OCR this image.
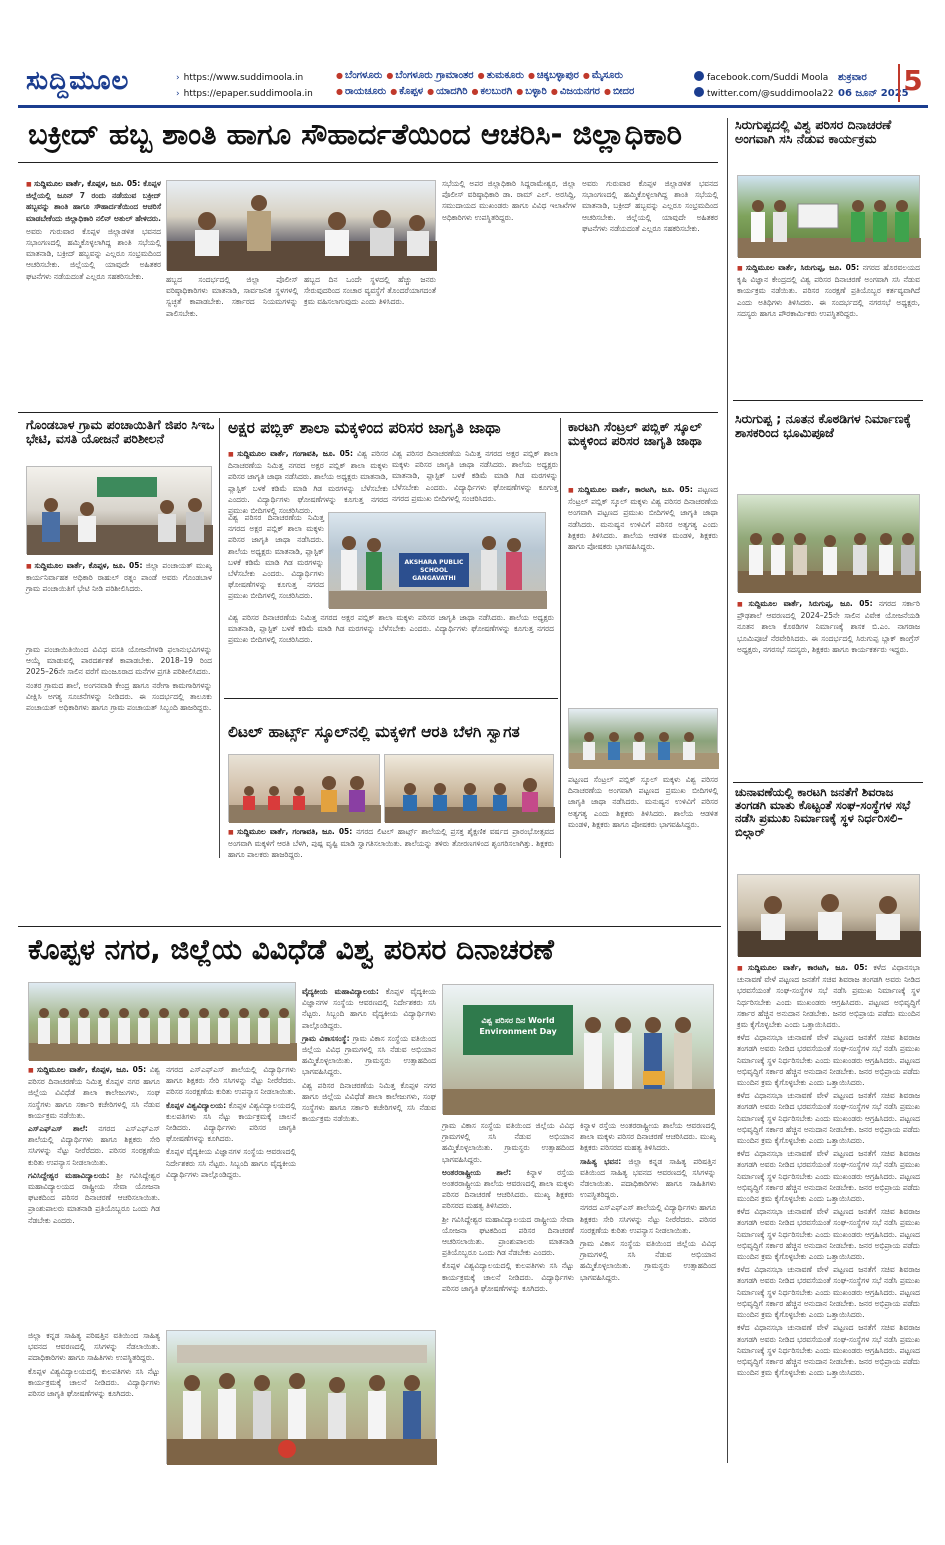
ಸುದ್ದಿಮೂಲ	› https://www.suddimoola.in
› https://epaper.suddimoola.in
● ಬೆಂಗಳೂರು ● ಬೆಂಗಳೂರು ಗ್ರಾಮಾಂತರ ● ತುಮಕೂರು ● ಚಿಕ್ಕಬಳ್ಳಾಪುರ ● ಮೈಸೂರು
● ರಾಯಚೂರು ● ಕೊಪ್ಪಳ ● ಯಾದಗಿರಿ ● ಕಲಬುರಗಿ ● ಬಳ್ಳಾರಿ ● ವಿಜಯನಗರ ● ಬೀದರ
facebook.com/Suddi Moola
twitter.com/@suddimoola22
ಶುಕ್ರವಾರ
06 ಜೂನ್ 2025
5
ಬಕ್ರೀದ್ ಹಬ್ಬ ಶಾಂತಿ ಹಾಗೂ ಸೌಹಾರ್ದತೆಯಿಂದ ಆಚರಿಸಿ- ಜಿಲ್ಲಾಧಿಕಾರಿ

■ ಸುದ್ದಿಮೂಲ ವಾರ್ತೆ, ಕೊಪ್ಪಳ, ಜೂ. 05: ಕೊಪ್ಪಳ ಜಿಲ್ಲೆಯಲ್ಲಿ ಜೂನ್ 7 ರಂದು ನಡೆಯುವ ಬಕ್ರೀದ್ ಹಬ್ಬವನ್ನು ಶಾಂತಿ ಹಾಗೂ ಸೌಹಾರ್ದತೆಯಿಂದ ಆಚರಿಸೆ ಮಾಡಬೇಕೆಂದು ಜಿಲ್ಲಾಧಿಕಾರಿ ನಲಿನ್ ಅತುಲ್ ಹೇಳಿದರು.

ಅವರು ಗುರುವಾರ ಕೊಪ್ಪಳ ಜಿಲ್ಲಾಡಳಿತ ಭವನದ ಸಭಾಂಗಣದಲ್ಲಿ ಹಮ್ಮಿಕೊಳ್ಳಲಾಗಿದ್ದ ಶಾಂತಿ ಸಭೆಯಲ್ಲಿ ಮಾತನಾಡಿ, ಬಕ್ರೀದ್ ಹಬ್ಬವನ್ನು ಎಲ್ಲರೂ ಸಂಭ್ರಮದಿಂದ ಆಚರಿಸಬೇಕು. ಜಿಲ್ಲೆಯಲ್ಲಿ ಯಾವುದೇ ಅಹಿತಕರ ಘಟನೆಗಳು ನಡೆಯದಂತೆ ಎಲ್ಲರೂ ಸಹಕರಿಸಬೇಕು.	ಹಬ್ಬದ ಸಂದರ್ಭದಲ್ಲಿ ಜಿಲ್ಲಾ ಪೊಲೀಸ್ ವರಿಷ್ಠಾಧಿಕಾರಿಗಳು ಮಾತನಾಡಿ, ಸಾರ್ವಜನಿಕ ಸ್ಥಳಗಳಲ್ಲಿ ಸ್ವಚ್ಛತೆ ಕಾಪಾಡಬೇಕು. ಸರ್ಕಾರದ ನಿಯಮಗಳನ್ನು ಪಾಲಿಸಬೇಕು.

ಹಬ್ಬದ ದಿನ ಒಂದೇ ಸ್ಥಳದಲ್ಲಿ ಹೆಚ್ಚು ಜನರು ಸೇರುವುದರಿಂದ ಸಂಚಾರ ವ್ಯವಸ್ಥೆಗೆ ತೊಂದರೆಯಾಗದಂತೆ ಕ್ರಮ ವಹಿಸಲಾಗುವುದು ಎಂದು ತಿಳಿಸಿದರು.

ಸಭೆಯಲ್ಲಿ ಅಪರ ಜಿಲ್ಲಾಧಿಕಾರಿ ಸಿದ್ದರಾಮೇಶ್ವರ, ಜಿಲ್ಲಾ ಪೊಲೀಸ್ ವರಿಷ್ಠಾಧಿಕಾರಿ ಡಾ. ರಾಮ್ ಎಲ್. ಅರಸಿದ್ದಿ, ಸಮುದಾಯದ ಮುಖಂಡರು ಹಾಗೂ ವಿವಿಧ ಇಲಾಖೆಗಳ ಅಧಿಕಾರಿಗಳು ಉಪಸ್ಥಿತರಿದ್ದರು.

ಅವರು ಗುರುವಾರ ಕೊಪ್ಪಳ ಜಿಲ್ಲಾಡಳಿತ ಭವನದ ಸಭಾಂಗಣದಲ್ಲಿ ಹಮ್ಮಿಕೊಳ್ಳಲಾಗಿದ್ದ ಶಾಂತಿ ಸಭೆಯಲ್ಲಿ ಮಾತನಾಡಿ, ಬಕ್ರೀದ್ ಹಬ್ಬವನ್ನು ಎಲ್ಲರೂ ಸಂಭ್ರಮದಿಂದ ಆಚರಿಸಬೇಕು. ಜಿಲ್ಲೆಯಲ್ಲಿ ಯಾವುದೇ ಅಹಿತಕರ ಘಟನೆಗಳು ನಡೆಯದಂತೆ ಎಲ್ಲರೂ ಸಹಕರಿಸಬೇಕು.

ಸಿರುಗುಪ್ಪದಲ್ಲಿ ವಿಶ್ವ ಪರಿಸರ ದಿನಾಚರಣೆ ಅಂಗವಾಗಿ ಸಸಿ ನೆಡುವ ಕಾರ್ಯಕ್ರಮ

■ ಸುದ್ದಿಮೂಲ ವಾರ್ತೆ, ಸಿರುಗುಪ್ಪ, ಜೂ. 05: ನಗರದ ಹೊರವಲಯದ ಕೃಷಿ ವಿಜ್ಞಾನ ಕೇಂದ್ರದಲ್ಲಿ ವಿಶ್ವ ಪರಿಸರ ದಿನಾಚರಣೆ ಅಂಗವಾಗಿ ಸಸಿ ನೆಡುವ ಕಾರ್ಯಕ್ರಮ ನಡೆಯಿತು. ಪರಿಸರ ಸಂರಕ್ಷಣೆ ಪ್ರತಿಯೊಬ್ಬರ ಕರ್ತವ್ಯವಾಗಿದೆ ಎಂದು ಅತಿಥಿಗಳು ತಿಳಿಸಿದರು. ಈ ಸಂದರ್ಭದಲ್ಲಿ ನಗರಸಭೆ ಅಧ್ಯಕ್ಷರು, ಸದಸ್ಯರು ಹಾಗೂ ಪೌರಕಾರ್ಮಿಕರು ಉಪಸ್ಥಿತರಿದ್ದರು.

ಗೊಂಡಬಾಳ ಗ್ರಾಮ ಪಂಚಾಯಿತಿಗೆ ಜಿಪಂ ಸಿಇಒ ಭೇಟಿ, ವಸತಿ ಯೋಜನೆ ಪರಿಶೀಲನೆ

■ ಸುದ್ದಿಮೂಲ ವಾರ್ತೆ, ಕೊಪ್ಪಳ, ಜೂ. 05: ಜಿಲ್ಲಾ ಪಂಚಾಯತ್ ಮುಖ್ಯ ಕಾರ್ಯನಿರ್ವಾಹಕ ಅಧಿಕಾರಿ ರಾಹುಲ್ ರತ್ನಂ ಪಾಂಡೆ ಅವರು ಗೊಂಡಬಾಳ ಗ್ರಾಮ ಪಂಚಾಯಿತಿಗೆ ಭೇಟಿ ನೀಡಿ ಪರಿಶೀಲಿಸಿದರು.

ಗ್ರಾಮ ಪಂಚಾಯಿತಿಯಿಂದ ವಿವಿಧ ವಸತಿ ಯೋಜನೆಗಳಡಿ ಫಲಾನುಭವಿಗಳನ್ನು ಆಯ್ಕೆ ಮಾಡುವಲ್ಲಿ ಪಾರದರ್ಶಕತೆ ಕಾಪಾಡಬೇಕು. 2018–19 ರಿಂದ 2025–26ನೇ ಸಾಲಿನ ವರೆಗೆ ಮಂಜೂರಾದ ಮನೆಗಳ ಪ್ರಗತಿ ಪರಿಶೀಲಿಸಿದರು.

ನಂತರ ಗ್ರಾಮದ ಶಾಲೆ, ಅಂಗನವಾಡಿ ಕೇಂದ್ರ ಹಾಗೂ ನರೇಗಾ ಕಾಮಗಾರಿಗಳನ್ನು ವೀಕ್ಷಿಸಿ ಅಗತ್ಯ ಸೂಚನೆಗಳನ್ನು ನೀಡಿದರು. ಈ ಸಂದರ್ಭದಲ್ಲಿ ತಾಲೂಕು ಪಂಚಾಯತ್ ಅಧಿಕಾರಿಗಳು ಹಾಗೂ ಗ್ರಾಮ ಪಂಚಾಯತ್ ಸಿಬ್ಬಂದಿ ಹಾಜರಿದ್ದರು.

ಅಕ್ಷರ ಪಬ್ಲಿಕ್ ಶಾಲಾ ಮಕ್ಕಳಿಂದ ಪರಿಸರ ಜಾಗೃತಿ ಜಾಥಾ

■ ಸುದ್ದಿಮೂಲ ವಾರ್ತೆ, ಗಂಗಾವತಿ, ಜೂ. 05: ವಿಶ್ವ ಪರಿಸರ ದಿನಾಚರಣೆಯ ನಿಮಿತ್ತ ನಗರದ ಅಕ್ಷರ ಪಬ್ಲಿಕ್ ಶಾಲಾ ಮಕ್ಕಳು ಪರಿಸರ ಜಾಗೃತಿ ಜಾಥಾ ನಡೆಸಿದರು. ಶಾಲೆಯ ಅಧ್ಯಕ್ಷರು ಮಾತನಾಡಿ, ಪ್ಲಾಸ್ಟಿಕ್ ಬಳಕೆ ಕಡಿಮೆ ಮಾಡಿ ಗಿಡ ಮರಗಳನ್ನು ಬೆಳೆಸಬೇಕು ಎಂದರು. ವಿದ್ಯಾರ್ಥಿಗಳು ಘೋಷಣೆಗಳನ್ನು ಕೂಗುತ್ತ ನಗರದ ಪ್ರಮುಖ ಬೀದಿಗಳಲ್ಲಿ ಸಂಚರಿಸಿದರು.

ವಿಶ್ವ ಪರಿಸರ ದಿನಾಚರಣೆಯ ನಿಮಿತ್ತ ನಗರದ ಅಕ್ಷರ ಪಬ್ಲಿಕ್ ಶಾಲಾ ಮಕ್ಕಳು ಪರಿಸರ ಜಾಗೃತಿ ಜಾಥಾ ನಡೆಸಿದರು. ಶಾಲೆಯ ಅಧ್ಯಕ್ಷರು ಮಾತನಾಡಿ, ಪ್ಲಾಸ್ಟಿಕ್ ಬಳಕೆ ಕಡಿಮೆ ಮಾಡಿ ಗಿಡ ಮರಗಳನ್ನು ಬೆಳೆಸಬೇಕು ಎಂದರು. ವಿದ್ಯಾರ್ಥಿಗಳು ಘೋಷಣೆಗಳನ್ನು ಕೂಗುತ್ತ ನಗರದ ಪ್ರಮುಖ ಬೀದಿಗಳಲ್ಲಿ ಸಂಚರಿಸಿದರು.

AKSHARA PUBLIC SCHOOL GANGAVATHI

ವಿಶ್ವ ಪರಿಸರ ದಿನಾಚರಣೆಯ ನಿಮಿತ್ತ ನಗರದ ಅಕ್ಷರ ಪಬ್ಲಿಕ್ ಶಾಲಾ ಮಕ್ಕಳು ಪರಿಸರ ಜಾಗೃತಿ ಜಾಥಾ ನಡೆಸಿದರು. ಶಾಲೆಯ ಅಧ್ಯಕ್ಷರು ಮಾತನಾಡಿ, ಪ್ಲಾಸ್ಟಿಕ್ ಬಳಕೆ ಕಡಿಮೆ ಮಾಡಿ ಗಿಡ ಮರಗಳನ್ನು ಬೆಳೆಸಬೇಕು ಎಂದರು. ವಿದ್ಯಾರ್ಥಿಗಳು ಘೋಷಣೆಗಳನ್ನು ಕೂಗುತ್ತ ನಗರದ ಪ್ರಮುಖ ಬೀದಿಗಳಲ್ಲಿ ಸಂಚರಿಸಿದರು.

ವಿಶ್ವ ಪರಿಸರ ದಿನಾಚರಣೆಯ ನಿಮಿತ್ತ ನಗರದ ಅಕ್ಷರ ಪಬ್ಲಿಕ್ ಶಾಲಾ ಮಕ್ಕಳು ಪರಿಸರ ಜಾಗೃತಿ ಜಾಥಾ ನಡೆಸಿದರು. ಶಾಲೆಯ ಅಧ್ಯಕ್ಷರು ಮಾತನಾಡಿ, ಪ್ಲಾಸ್ಟಿಕ್ ಬಳಕೆ ಕಡಿಮೆ ಮಾಡಿ ಗಿಡ ಮರಗಳನ್ನು ಬೆಳೆಸಬೇಕು ಎಂದರು. ವಿದ್ಯಾರ್ಥಿಗಳು ಘೋಷಣೆಗಳನ್ನು ಕೂಗುತ್ತ ನಗರದ ಪ್ರಮುಖ ಬೀದಿಗಳಲ್ಲಿ ಸಂಚರಿಸಿದರು.

ಕಾರಟಗಿ ಸೆಂಟ್ರಲ್ ಪಬ್ಲಿಕ್ ಸ್ಕೂಲ್ ಮಕ್ಕಳಿಂದ ಪರಿಸರ ಜಾಗೃತಿ ಜಾಥಾ

■ ಸುದ್ದಿಮೂಲ ವಾರ್ತೆ, ಕಾರಟಗಿ, ಜೂ. 05: ಪಟ್ಟಣದ ಸೆಂಟ್ರಲ್ ಪಬ್ಲಿಕ್ ಸ್ಕೂಲ್ ಮಕ್ಕಳು ವಿಶ್ವ ಪರಿಸರ ದಿನಾಚರಣೆಯ ಅಂಗವಾಗಿ ಪಟ್ಟಣದ ಪ್ರಮುಖ ಬೀದಿಗಳಲ್ಲಿ ಜಾಗೃತಿ ಜಾಥಾ ನಡೆಸಿದರು. ಮನುಷ್ಯನ ಉಳಿವಿಗೆ ಪರಿಸರ ಅತ್ಯಗತ್ಯ ಎಂದು ಶಿಕ್ಷಕರು ತಿಳಿಸಿದರು. ಶಾಲೆಯ ಆಡಳಿತ ಮಂಡಳಿ, ಶಿಕ್ಷಕರು ಹಾಗೂ ಪೋಷಕರು ಭಾಗವಹಿಸಿದ್ದರು.

ಪಟ್ಟಣದ ಸೆಂಟ್ರಲ್ ಪಬ್ಲಿಕ್ ಸ್ಕೂಲ್ ಮಕ್ಕಳು ವಿಶ್ವ ಪರಿಸರ ದಿನಾಚರಣೆಯ ಅಂಗವಾಗಿ ಪಟ್ಟಣದ ಪ್ರಮುಖ ಬೀದಿಗಳಲ್ಲಿ ಜಾಗೃತಿ ಜಾಥಾ ನಡೆಸಿದರು. ಮನುಷ್ಯನ ಉಳಿವಿಗೆ ಪರಿಸರ ಅತ್ಯಗತ್ಯ ಎಂದು ಶಿಕ್ಷಕರು ತಿಳಿಸಿದರು. ಶಾಲೆಯ ಆಡಳಿತ ಮಂಡಳಿ, ಶಿಕ್ಷಕರು ಹಾಗೂ ಪೋಷಕರು ಭಾಗವಹಿಸಿದ್ದರು.

ಲಿಟಲ್ ಹಾರ್ಟ್ಸ್ ಸ್ಕೂಲ್‌ನಲ್ಲಿ ಮಕ್ಕಳಿಗೆ ಆರತಿ ಬೆಳಗಿ ಸ್ವಾಗತ

■ ಸುದ್ದಿಮೂಲ ವಾರ್ತೆ, ಗಂಗಾವತಿ, ಜೂ. 05: ನಗರದ ಲಿಟಲ್ ಹಾರ್ಟ್ಸ್ ಶಾಲೆಯಲ್ಲಿ ಪ್ರಸಕ್ತ ಶೈಕ್ಷಣಿಕ ವರ್ಷದ ಪ್ರಾರಂಭೋತ್ಸವದ ಅಂಗವಾಗಿ ಮಕ್ಕಳಿಗೆ ಆರತಿ ಬೆಳಗಿ, ಪುಷ್ಪ ವೃಷ್ಟಿ ಮಾಡಿ ಸ್ವಾಗತಿಸಲಾಯಿತು. ಶಾಲೆಯನ್ನು ತಳಿರು ತೋರಣಗಳಿಂದ ಶೃಂಗರಿಸಲಾಗಿತ್ತು. ಶಿಕ್ಷಕರು ಹಾಗೂ ಪಾಲಕರು ಹಾಜರಿದ್ದರು.

ಸಿರುಗುಪ್ಪ ; ನೂತನ ಕೊಠಡಿಗಳ ನಿರ್ಮಾಣಕ್ಕೆ ಶಾಸಕರಿಂದ ಭೂಮಿಪೂಜೆ

■ ಸುದ್ದಿಮೂಲ ವಾರ್ತೆ, ಸಿರುಗುಪ್ಪ, ಜೂ. 05: ನಗರದ ಸರ್ಕಾರಿ ಪ್ರೌಢಶಾಲೆ ಆವರಣದಲ್ಲಿ 2024–25ನೇ ಸಾಲಿನ ವಿವೇಕ ಯೋಜನೆಯಡಿ ನೂತನ ಶಾಲಾ ಕೊಠಡಿಗಳ ನಿರ್ಮಾಣಕ್ಕೆ ಶಾಸಕ ಬಿ.ಎಂ. ನಾಗರಾಜ ಭೂಮಿಪೂಜೆ ನೆರವೇರಿಸಿದರು. ಈ ಸಂದರ್ಭದಲ್ಲಿ ಸಿರುಗುಪ್ಪ ಬ್ಲಾಕ್ ಕಾಂಗ್ರೆಸ್ ಅಧ್ಯಕ್ಷರು, ನಗರಸಭೆ ಸದಸ್ಯರು, ಶಿಕ್ಷಕರು ಹಾಗೂ ಕಾರ್ಯಕರ್ತರು ಇದ್ದರು.

ಚುನಾವಣೆಯಲ್ಲಿ ಕಾರಟಗಿ ಜನತೆಗೆ ಶಿವರಾಜ ತಂಗಡಗಿ ಮಾತು ಕೊಟ್ಟಂತೆ ಸಂಘ-ಸಂಸ್ಥೆಗಳ ಸಭೆ ನಡೆಸಿ ಪ್ರಮುಖ ನಿರ್ಮಾಣಕ್ಕೆ ಸ್ಥಳ ನಿರ್ಧರಿಸಲಿ–ಬಿಲ್ಗಾರ್

■ ಸುದ್ದಿಮೂಲ ವಾರ್ತೆ, ಕಾರಟಗಿ, ಜೂ. 05: ಕಳೆದ ವಿಧಾನಸಭಾ ಚುನಾವಣೆ ವೇಳೆ ಪಟ್ಟಣದ ಜನತೆಗೆ ಸಚಿವ ಶಿವರಾಜ ತಂಗಡಗಿ ಅವರು ನೀಡಿದ ಭರವಸೆಯಂತೆ ಸಂಘ-ಸಂಸ್ಥೆಗಳ ಸಭೆ ನಡೆಸಿ ಪ್ರಮುಖ ನಿರ್ಮಾಣಕ್ಕೆ ಸ್ಥಳ ನಿರ್ಧರಿಸಬೇಕು ಎಂದು ಮುಖಂಡರು ಆಗ್ರಹಿಸಿದರು. ಪಟ್ಟಣದ ಅಭಿವೃದ್ಧಿಗೆ ಸರ್ಕಾರ ಹೆಚ್ಚಿನ ಅನುದಾನ ನೀಡಬೇಕು. ಜನರ ಅಭಿಪ್ರಾಯ ಪಡೆದು ಮುಂದಿನ ಕ್ರಮ ಕೈಗೊಳ್ಳಬೇಕು ಎಂದು ಒತ್ತಾಯಿಸಿದರು.

ಕಳೆದ ವಿಧಾನಸಭಾ ಚುನಾವಣೆ ವೇಳೆ ಪಟ್ಟಣದ ಜನತೆಗೆ ಸಚಿವ ಶಿವರಾಜ ತಂಗಡಗಿ ಅವರು ನೀಡಿದ ಭರವಸೆಯಂತೆ ಸಂಘ-ಸಂಸ್ಥೆಗಳ ಸಭೆ ನಡೆಸಿ ಪ್ರಮುಖ ನಿರ್ಮಾಣಕ್ಕೆ ಸ್ಥಳ ನಿರ್ಧರಿಸಬೇಕು ಎಂದು ಮುಖಂಡರು ಆಗ್ರಹಿಸಿದರು. ಪಟ್ಟಣದ ಅಭಿವೃದ್ಧಿಗೆ ಸರ್ಕಾರ ಹೆಚ್ಚಿನ ಅನುದಾನ ನೀಡಬೇಕು. ಜನರ ಅಭಿಪ್ರಾಯ ಪಡೆದು ಮುಂದಿನ ಕ್ರಮ ಕೈಗೊಳ್ಳಬೇಕು ಎಂದು ಒತ್ತಾಯಿಸಿದರು.

ಕಳೆದ ವಿಧಾನಸಭಾ ಚುನಾವಣೆ ವೇಳೆ ಪಟ್ಟಣದ ಜನತೆಗೆ ಸಚಿವ ಶಿವರಾಜ ತಂಗಡಗಿ ಅವರು ನೀಡಿದ ಭರವಸೆಯಂತೆ ಸಂಘ-ಸಂಸ್ಥೆಗಳ ಸಭೆ ನಡೆಸಿ ಪ್ರಮುಖ ನಿರ್ಮಾಣಕ್ಕೆ ಸ್ಥಳ ನಿರ್ಧರಿಸಬೇಕು ಎಂದು ಮುಖಂಡರು ಆಗ್ರಹಿಸಿದರು. ಪಟ್ಟಣದ ಅಭಿವೃದ್ಧಿಗೆ ಸರ್ಕಾರ ಹೆಚ್ಚಿನ ಅನುದಾನ ನೀಡಬೇಕು. ಜನರ ಅಭಿಪ್ರಾಯ ಪಡೆದು ಮುಂದಿನ ಕ್ರಮ ಕೈಗೊಳ್ಳಬೇಕು ಎಂದು ಒತ್ತಾಯಿಸಿದರು.

ಕಳೆದ ವಿಧಾನಸಭಾ ಚುನಾವಣೆ ವೇಳೆ ಪಟ್ಟಣದ ಜನತೆಗೆ ಸಚಿವ ಶಿವರಾಜ ತಂಗಡಗಿ ಅವರು ನೀಡಿದ ಭರವಸೆಯಂತೆ ಸಂಘ-ಸಂಸ್ಥೆಗಳ ಸಭೆ ನಡೆಸಿ ಪ್ರಮುಖ ನಿರ್ಮಾಣಕ್ಕೆ ಸ್ಥಳ ನಿರ್ಧರಿಸಬೇಕು ಎಂದು ಮುಖಂಡರು ಆಗ್ರಹಿಸಿದರು. ಪಟ್ಟಣದ ಅಭಿವೃದ್ಧಿಗೆ ಸರ್ಕಾರ ಹೆಚ್ಚಿನ ಅನುದಾನ ನೀಡಬೇಕು. ಜನರ ಅಭಿಪ್ರಾಯ ಪಡೆದು ಮುಂದಿನ ಕ್ರಮ ಕೈಗೊಳ್ಳಬೇಕು ಎಂದು ಒತ್ತಾಯಿಸಿದರು.

ಕಳೆದ ವಿಧಾನಸಭಾ ಚುನಾವಣೆ ವೇಳೆ ಪಟ್ಟಣದ ಜನತೆಗೆ ಸಚಿವ ಶಿವರಾಜ ತಂಗಡಗಿ ಅವರು ನೀಡಿದ ಭರವಸೆಯಂತೆ ಸಂಘ-ಸಂಸ್ಥೆಗಳ ಸಭೆ ನಡೆಸಿ ಪ್ರಮುಖ ನಿರ್ಮಾಣಕ್ಕೆ ಸ್ಥಳ ನಿರ್ಧರಿಸಬೇಕು ಎಂದು ಮುಖಂಡರು ಆಗ್ರಹಿಸಿದರು. ಪಟ್ಟಣದ ಅಭಿವೃದ್ಧಿಗೆ ಸರ್ಕಾರ ಹೆಚ್ಚಿನ ಅನುದಾನ ನೀಡಬೇಕು. ಜನರ ಅಭಿಪ್ರಾಯ ಪಡೆದು ಮುಂದಿನ ಕ್ರಮ ಕೈಗೊಳ್ಳಬೇಕು ಎಂದು ಒತ್ತಾಯಿಸಿದರು.

ಕಳೆದ ವಿಧಾನಸಭಾ ಚುನಾವಣೆ ವೇಳೆ ಪಟ್ಟಣದ ಜನತೆಗೆ ಸಚಿವ ಶಿವರಾಜ ತಂಗಡಗಿ ಅವರು ನೀಡಿದ ಭರವಸೆಯಂತೆ ಸಂಘ-ಸಂಸ್ಥೆಗಳ ಸಭೆ ನಡೆಸಿ ಪ್ರಮುಖ ನಿರ್ಮಾಣಕ್ಕೆ ಸ್ಥಳ ನಿರ್ಧರಿಸಬೇಕು ಎಂದು ಮುಖಂಡರು ಆಗ್ರಹಿಸಿದರು. ಪಟ್ಟಣದ ಅಭಿವೃದ್ಧಿಗೆ ಸರ್ಕಾರ ಹೆಚ್ಚಿನ ಅನುದಾನ ನೀಡಬೇಕು. ಜನರ ಅಭಿಪ್ರಾಯ ಪಡೆದು ಮುಂದಿನ ಕ್ರಮ ಕೈಗೊಳ್ಳಬೇಕು ಎಂದು ಒತ್ತಾಯಿಸಿದರು.

ಕಳೆದ ವಿಧಾನಸಭಾ ಚುನಾವಣೆ ವೇಳೆ ಪಟ್ಟಣದ ಜನತೆಗೆ ಸಚಿವ ಶಿವರಾಜ ತಂಗಡಗಿ ಅವರು ನೀಡಿದ ಭರವಸೆಯಂತೆ ಸಂಘ-ಸಂಸ್ಥೆಗಳ ಸಭೆ ನಡೆಸಿ ಪ್ರಮುಖ ನಿರ್ಮಾಣಕ್ಕೆ ಸ್ಥಳ ನಿರ್ಧರಿಸಬೇಕು ಎಂದು ಮುಖಂಡರು ಆಗ್ರಹಿಸಿದರು. ಪಟ್ಟಣದ ಅಭಿವೃದ್ಧಿಗೆ ಸರ್ಕಾರ ಹೆಚ್ಚಿನ ಅನುದಾನ ನೀಡಬೇಕು. ಜನರ ಅಭಿಪ್ರಾಯ ಪಡೆದು ಮುಂದಿನ ಕ್ರಮ ಕೈಗೊಳ್ಳಬೇಕು ಎಂದು ಒತ್ತಾಯಿಸಿದರು.

ಕೊಪ್ಪಳ ನಗರ, ಜಿಲ್ಲೆಯ ವಿವಿಧೆಡೆ ವಿಶ್ವ ಪರಿಸರ ದಿನಾಚರಣೆ

■ ಸುದ್ದಿಮೂಲ ವಾರ್ತೆ, ಕೊಪ್ಪಳ, ಜೂ. 05: ವಿಶ್ವ ಪರಿಸರ ದಿನಾಚರಣೆಯ ನಿಮಿತ್ತ ಕೊಪ್ಪಳ ನಗರ ಹಾಗೂ ಜಿಲ್ಲೆಯ ವಿವಿಧೆಡೆ ಶಾಲಾ ಕಾಲೇಜುಗಳು, ಸಂಘ ಸಂಸ್ಥೆಗಳು ಹಾಗೂ ಸರ್ಕಾರಿ ಕಚೇರಿಗಳಲ್ಲಿ ಸಸಿ ನೆಡುವ ಕಾರ್ಯಕ್ರಮ ನಡೆಯಿತು.

ಎಸ್ಎಫ್ಎಸ್ ಶಾಲೆ: ನಗರದ ಎಸ್ಎಫ್ಎಸ್ ಶಾಲೆಯಲ್ಲಿ ವಿದ್ಯಾರ್ಥಿಗಳು ಹಾಗೂ ಶಿಕ್ಷಕರು ಸೇರಿ ಸಸಿಗಳನ್ನು ನೆಟ್ಟು ನೀರೆರೆದರು. ಪರಿಸರ ಸಂರಕ್ಷಣೆಯ ಕುರಿತು ಉಪನ್ಯಾಸ ನೀಡಲಾಯಿತು.

ಗವಿಸಿದ್ದೇಶ್ವರ ಮಹಾವಿದ್ಯಾಲಯ: ಶ್ರೀ ಗವಿಸಿದ್ದೇಶ್ವರ ಮಹಾವಿದ್ಯಾಲಯದ ರಾಷ್ಟ್ರೀಯ ಸೇವಾ ಯೋಜನಾ ಘಟಕದಿಂದ ಪರಿಸರ ದಿನಾಚರಣೆ ಆಚರಿಸಲಾಯಿತು. ಪ್ರಾಂಶುಪಾಲರು ಮಾತನಾಡಿ ಪ್ರತಿಯೊಬ್ಬರೂ ಒಂದು ಗಿಡ ನೆಡಬೇಕು ಎಂದರು.

ನಗರದ ಎಸ್ಎಫ್ಎಸ್ ಶಾಲೆಯಲ್ಲಿ ವಿದ್ಯಾರ್ಥಿಗಳು ಹಾಗೂ ಶಿಕ್ಷಕರು ಸೇರಿ ಸಸಿಗಳನ್ನು ನೆಟ್ಟು ನೀರೆರೆದರು. ಪರಿಸರ ಸಂರಕ್ಷಣೆಯ ಕುರಿತು ಉಪನ್ಯಾಸ ನೀಡಲಾಯಿತು.

ಕೊಪ್ಪಳ ವಿಶ್ವವಿದ್ಯಾಲಯ: ಕೊಪ್ಪಳ ವಿಶ್ವವಿದ್ಯಾಲಯದಲ್ಲಿ ಕುಲಪತಿಗಳು ಸಸಿ ನೆಟ್ಟು ಕಾರ್ಯಕ್ರಮಕ್ಕೆ ಚಾಲನೆ ನೀಡಿದರು. ವಿದ್ಯಾರ್ಥಿಗಳು ಪರಿಸರ ಜಾಗೃತಿ ಘೋಷಣೆಗಳನ್ನು ಕೂಗಿದರು.

ಕೊಪ್ಪಳ ವೈದ್ಯಕೀಯ ವಿಜ್ಞಾನಗಳ ಸಂಸ್ಥೆಯ ಆವರಣದಲ್ಲಿ ನಿರ್ದೇಶಕರು ಸಸಿ ನೆಟ್ಟರು. ಸಿಬ್ಬಂದಿ ಹಾಗೂ ವೈದ್ಯಕೀಯ ವಿದ್ಯಾರ್ಥಿಗಳು ಪಾಲ್ಗೊಂಡಿದ್ದರು.

ವೈದ್ಯಕೀಯ ಮಹಾವಿದ್ಯಾಲಯ: ಕೊಪ್ಪಳ ವೈದ್ಯಕೀಯ ವಿಜ್ಞಾನಗಳ ಸಂಸ್ಥೆಯ ಆವರಣದಲ್ಲಿ ನಿರ್ದೇಶಕರು ಸಸಿ ನೆಟ್ಟರು. ಸಿಬ್ಬಂದಿ ಹಾಗೂ ವೈದ್ಯಕೀಯ ವಿದ್ಯಾರ್ಥಿಗಳು ಪಾಲ್ಗೊಂಡಿದ್ದರು.

ಗ್ರಾಮ ವಿಕಾಸಸಂಸ್ಥೆ: ಗ್ರಾಮ ವಿಕಾಸ ಸಂಸ್ಥೆಯ ವತಿಯಿಂದ ಜಿಲ್ಲೆಯ ವಿವಿಧ ಗ್ರಾಮಗಳಲ್ಲಿ ಸಸಿ ನೆಡುವ ಅಭಿಯಾನ ಹಮ್ಮಿಕೊಳ್ಳಲಾಯಿತು. ಗ್ರಾಮಸ್ಥರು ಉತ್ಸಾಹದಿಂದ ಭಾಗವಹಿಸಿದ್ದರು.

ವಿಶ್ವ ಪರಿಸರ ದಿನಾಚರಣೆಯ ನಿಮಿತ್ತ ಕೊಪ್ಪಳ ನಗರ ಹಾಗೂ ಜಿಲ್ಲೆಯ ವಿವಿಧೆಡೆ ಶಾಲಾ ಕಾಲೇಜುಗಳು, ಸಂಘ ಸಂಸ್ಥೆಗಳು ಹಾಗೂ ಸರ್ಕಾರಿ ಕಚೇರಿಗಳಲ್ಲಿ ಸಸಿ ನೆಡುವ ಕಾರ್ಯಕ್ರಮ ನಡೆಯಿತು.

ವಿಶ್ವ ಪರಿಸರ ದಿನ World Environment Day

ಗ್ರಾಮ ವಿಕಾಸ ಸಂಸ್ಥೆಯ ವತಿಯಿಂದ ಜಿಲ್ಲೆಯ ವಿವಿಧ ಗ್ರಾಮಗಳಲ್ಲಿ ಸಸಿ ನೆಡುವ ಅಭಿಯಾನ ಹಮ್ಮಿಕೊಳ್ಳಲಾಯಿತು. ಗ್ರಾಮಸ್ಥರು ಉತ್ಸಾಹದಿಂದ ಭಾಗವಹಿಸಿದ್ದರು.

ಅಂತರರಾಷ್ಟ್ರೀಯ ಶಾಲೆ: ಕಿನ್ನಾಳ ರಸ್ತೆಯ ಅಂತರರಾಷ್ಟ್ರೀಯ ಶಾಲೆಯ ಆವರಣದಲ್ಲಿ ಶಾಲಾ ಮಕ್ಕಳು ಪರಿಸರ ದಿನಾಚರಣೆ ಆಚರಿಸಿದರು. ಮುಖ್ಯ ಶಿಕ್ಷಕರು ಪರಿಸರದ ಮಹತ್ವ ತಿಳಿಸಿದರು.

ಶ್ರೀ ಗವಿಸಿದ್ದೇಶ್ವರ ಮಹಾವಿದ್ಯಾಲಯದ ರಾಷ್ಟ್ರೀಯ ಸೇವಾ ಯೋಜನಾ ಘಟಕದಿಂದ ಪರಿಸರ ದಿನಾಚರಣೆ ಆಚರಿಸಲಾಯಿತು. ಪ್ರಾಂಶುಪಾಲರು ಮಾತನಾಡಿ ಪ್ರತಿಯೊಬ್ಬರೂ ಒಂದು ಗಿಡ ನೆಡಬೇಕು ಎಂದರು.

ಕೊಪ್ಪಳ ವಿಶ್ವವಿದ್ಯಾಲಯದಲ್ಲಿ ಕುಲಪತಿಗಳು ಸಸಿ ನೆಟ್ಟು ಕಾರ್ಯಕ್ರಮಕ್ಕೆ ಚಾಲನೆ ನೀಡಿದರು. ವಿದ್ಯಾರ್ಥಿಗಳು ಪರಿಸರ ಜಾಗೃತಿ ಘೋಷಣೆಗಳನ್ನು ಕೂಗಿದರು.

ಕಿನ್ನಾಳ ರಸ್ತೆಯ ಅಂತರರಾಷ್ಟ್ರೀಯ ಶಾಲೆಯ ಆವರಣದಲ್ಲಿ ಶಾಲಾ ಮಕ್ಕಳು ಪರಿಸರ ದಿನಾಚರಣೆ ಆಚರಿಸಿದರು. ಮುಖ್ಯ ಶಿಕ್ಷಕರು ಪರಿಸರದ ಮಹತ್ವ ತಿಳಿಸಿದರು.

ಸಾಹಿತ್ಯ ಭವನ: ಜಿಲ್ಲಾ ಕನ್ನಡ ಸಾಹಿತ್ಯ ಪರಿಷತ್ತಿನ ವತಿಯಿಂದ ಸಾಹಿತ್ಯ ಭವನದ ಆವರಣದಲ್ಲಿ ಸಸಿಗಳನ್ನು ನೆಡಲಾಯಿತು. ಪದಾಧಿಕಾರಿಗಳು ಹಾಗೂ ಸಾಹಿತಿಗಳು ಉಪಸ್ಥಿತರಿದ್ದರು.

ನಗರದ ಎಸ್ಎಫ್ಎಸ್ ಶಾಲೆಯಲ್ಲಿ ವಿದ್ಯಾರ್ಥಿಗಳು ಹಾಗೂ ಶಿಕ್ಷಕರು ಸೇರಿ ಸಸಿಗಳನ್ನು ನೆಟ್ಟು ನೀರೆರೆದರು. ಪರಿಸರ ಸಂರಕ್ಷಣೆಯ ಕುರಿತು ಉಪನ್ಯಾಸ ನೀಡಲಾಯಿತು.

ಗ್ರಾಮ ವಿಕಾಸ ಸಂಸ್ಥೆಯ ವತಿಯಿಂದ ಜಿಲ್ಲೆಯ ವಿವಿಧ ಗ್ರಾಮಗಳಲ್ಲಿ ಸಸಿ ನೆಡುವ ಅಭಿಯಾನ ಹಮ್ಮಿಕೊಳ್ಳಲಾಯಿತು. ಗ್ರಾಮಸ್ಥರು ಉತ್ಸಾಹದಿಂದ ಭಾಗವಹಿಸಿದ್ದರು.

ಜಿಲ್ಲಾ ಕನ್ನಡ ಸಾಹಿತ್ಯ ಪರಿಷತ್ತಿನ ವತಿಯಿಂದ ಸಾಹಿತ್ಯ ಭವನದ ಆವರಣದಲ್ಲಿ ಸಸಿಗಳನ್ನು ನೆಡಲಾಯಿತು. ಪದಾಧಿಕಾರಿಗಳು ಹಾಗೂ ಸಾಹಿತಿಗಳು ಉಪಸ್ಥಿತರಿದ್ದರು.

ಕೊಪ್ಪಳ ವಿಶ್ವವಿದ್ಯಾಲಯದಲ್ಲಿ ಕುಲಪತಿಗಳು ಸಸಿ ನೆಟ್ಟು ಕಾರ್ಯಕ್ರಮಕ್ಕೆ ಚಾಲನೆ ನೀಡಿದರು. ವಿದ್ಯಾರ್ಥಿಗಳು ಪರಿಸರ ಜಾಗೃತಿ ಘೋಷಣೆಗಳನ್ನು ಕೂಗಿದರು.
